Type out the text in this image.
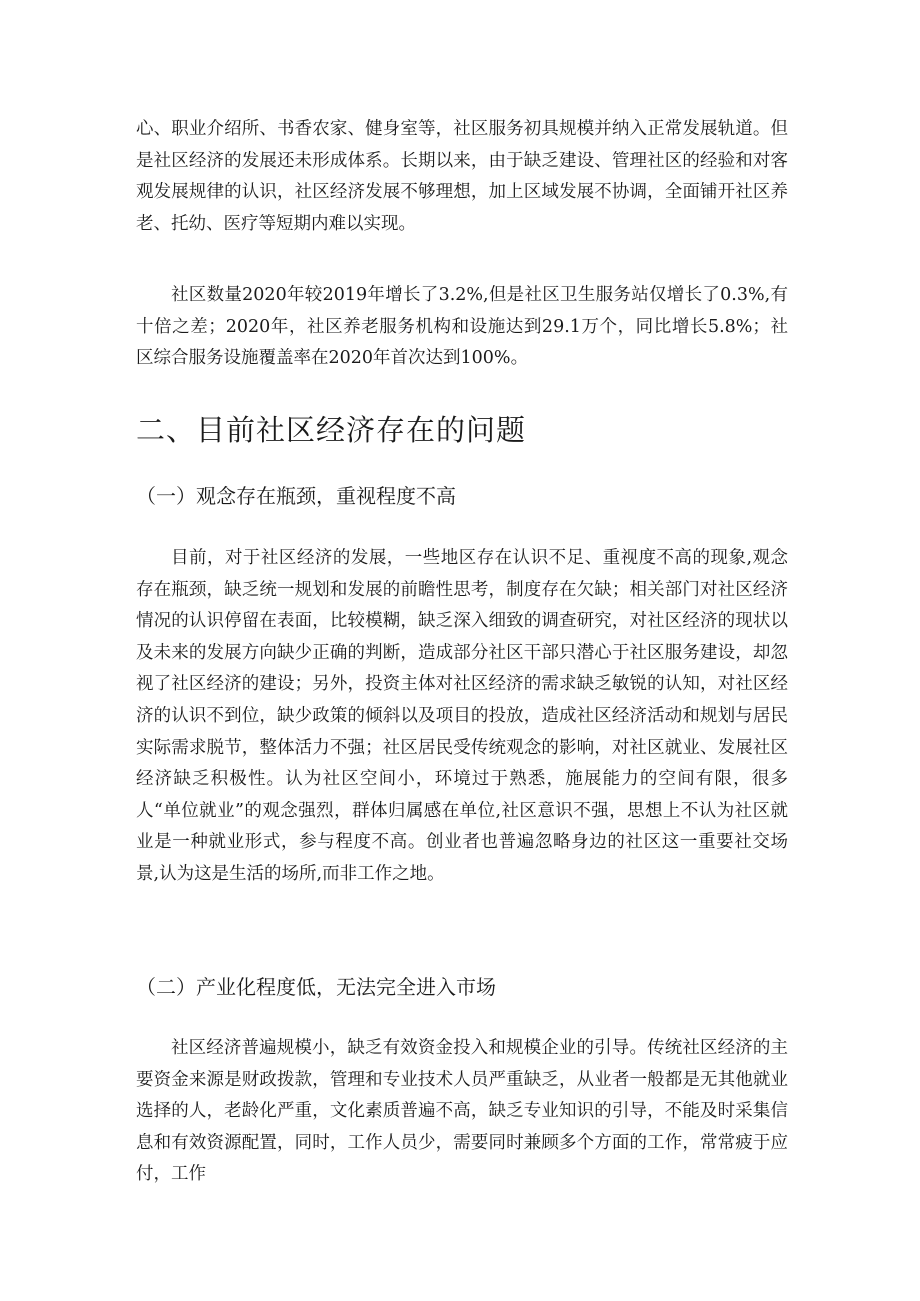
心、职业介绍所、书香农家、健身室等，社区服务初具规模并纳入正常发展轨道。但是社区经济的发展还未形成体系。长期以来，由于缺乏建设、管理社区的经验和对客观发展规律的认识，社区经济发展不够理想，加上区域发展不协调，全面铺开社区养老、托幼、医疗等短期内难以实现。

社区数量2020年较2019年增长了3.2%,但是社区卫生服务站仅增长了0.3%,有十倍之差；2020年，社区养老服务机构和设施达到29.1万个，同比增长5.8%；社区综合服务设施覆盖率在2020年首次达到100%。

二、目前社区经济存在的问题
（一）观念存在瓶颈，重视程度不高

目前，对于社区经济的发展，一些地区存在认识不足、重视度不高的现象,观念存在瓶颈，缺乏统一规划和发展的前瞻性思考，制度存在欠缺；相关部门对社区经济情况的认识停留在表面，比较模糊，缺乏深入细致的调查研究，对社区经济的现状以及未来的发展方向缺少正确的判断，造成部分社区干部只潜心于社区服务建设，却忽视了社区经济的建设；另外，投资主体对社区经济的需求缺乏敏锐的认知，对社区经济的认识不到位，缺少政策的倾斜以及项目的投放，造成社区经济活动和规划与居民实际需求脱节，整体活力不强；社区居民受传统观念的影响，对社区就业、发展社区经济缺乏积极性。认为社区空间小，环境过于熟悉，施展能力的空间有限，很多人“单位就业”的观念强烈，群体归属感在单位,社区意识不强，思想上不认为社区就业是一种就业形式，参与程度不高。创业者也普遍忽略身边的社区这一重要社交场景,认为这是生活的场所,而非工作之地。

（二）产业化程度低，无法完全进入市场

社区经济普遍规模小，缺乏有效资金投入和规模企业的引导。传统社区经济的主要资金来源是财政拨款，管理和专业技术人员严重缺乏，从业者一般都是无其他就业选择的人，老龄化严重，文化素质普遍不高，缺乏专业知识的引导，不能及时采集信息和有效资源配置，同时，工作人员少，需要同时兼顾多个方面的工作，常常疲于应付，工作
